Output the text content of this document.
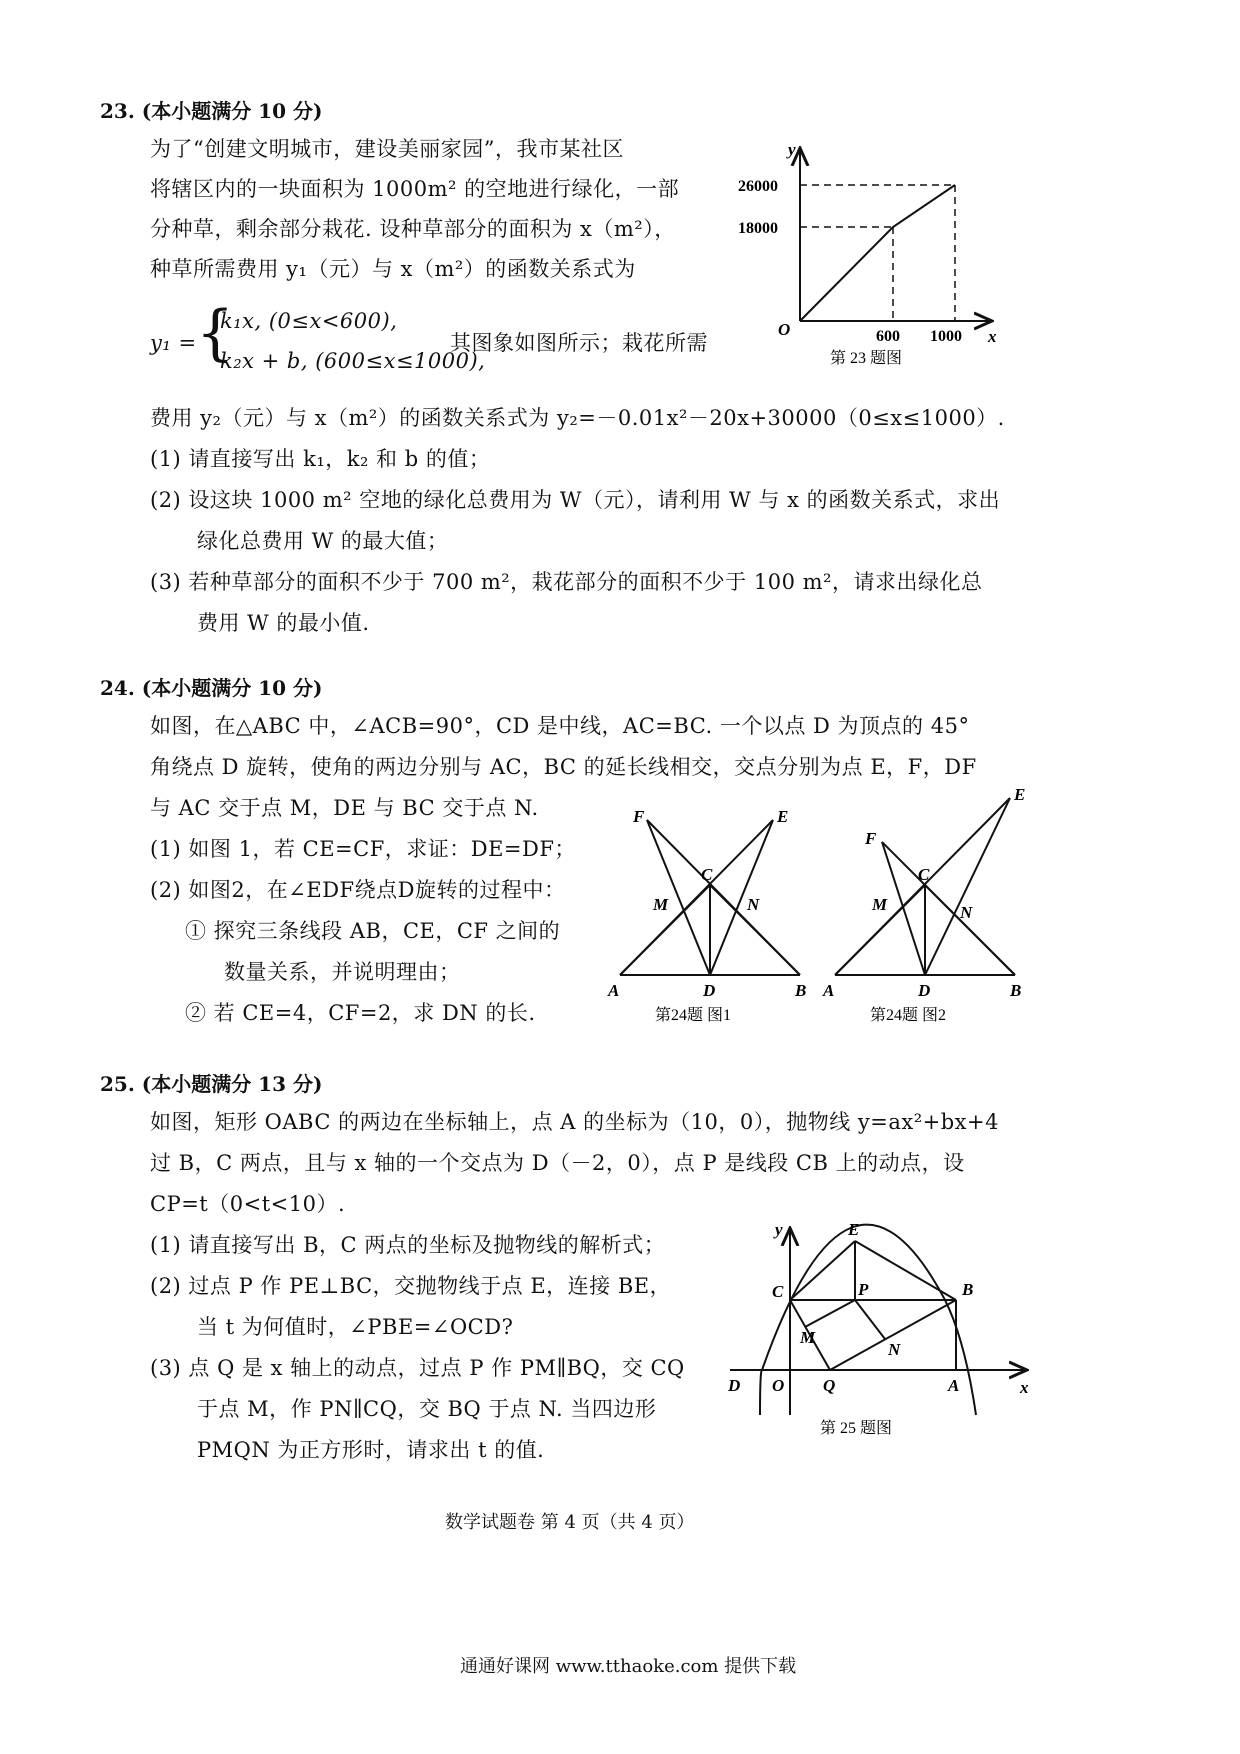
23. (本小题满分 10 分)
为了“创建文明城市，建设美丽家园”，我市某社区
将辖区内的一块面积为 1000m² 的空地进行绿化，一部
分种草，剩余部分栽花. 设种草部分的面积为 x（m²），
种草所需费用 y₁（元）与 x（m²）的函数关系式为
y₁ = {
k₁x, (0≤x<600),
k₂x + b, (600≤x≤1000),
其图象如图所示；栽花所需
费用 y₂（元）与 x（m²）的函数关系式为 y₂=－0.01x²－20x+30000（0≤x≤1000）.
(1) 请直接写出 k₁，k₂ 和 b 的值；
(2) 设这块 1000 m² 空地的绿化总费用为 W（元），请利用 W 与 x 的函数关系式，求出
绿化总费用 W 的最大值；
(3) 若种草部分的面积不少于 700 m²，栽花部分的面积不少于 100 m²，请求出绿化总
费用 W 的最小值.
y
x
O
26000
18000
600 1000
第 23 题图
24. (本小题满分 10 分)
如图，在△ABC 中，∠ACB=90°，CD 是中线，AC=BC. 一个以点 D 为顶点的 45°
角绕点 D 旋转，使角的两边分别与 AC，BC 的延长线相交，交点分别为点 E，F，DF
与 AC 交于点 M，DE 与 BC 交于点 N.
(1) 如图 1，若 CE=CF，求证：DE=DF；
(2) 如图2，在∠EDF绕点D旋转的过程中：
① 探究三条线段 AB，CE，CF 之间的
数量关系，并说明理由；
② 若 CE=4，CF=2，求 DN 的长.
A	B
C
D
E
F
M	N
第24题 图1
A	B
C
D
E
F
M	N
第24题 图2
25. (本小题满分 13 分)
如图，矩形 OABC 的两边在坐标轴上，点 A 的坐标为（10，0），抛物线 y=ax²+bx+4
过 B，C 两点，且与 x 轴的一个交点为 D（－2，0），点 P 是线段 CB 上的动点，设
CP=t（0<t<10）.
(1) 请直接写出 B，C 两点的坐标及抛物线的解析式；
(2) 过点 P 作 PE⊥BC，交抛物线于点 E，连接 BE，
当 t 为何值时，∠PBE=∠OCD?
(3) 点 Q 是 x 轴上的动点，过点 P 作 PM∥BQ，交 CQ
于点 M，作 PN∥CQ，交 BQ 于点 N. 当四边形
PMQN 为正方形时，请求出 t 的值.
y
x
O
D	Q	A
C	P	B
E
M
N
第 25 题图
数学试题卷 第 4 页（共 4 页）
通通好课网 www.tthaoke.com 提供下载
